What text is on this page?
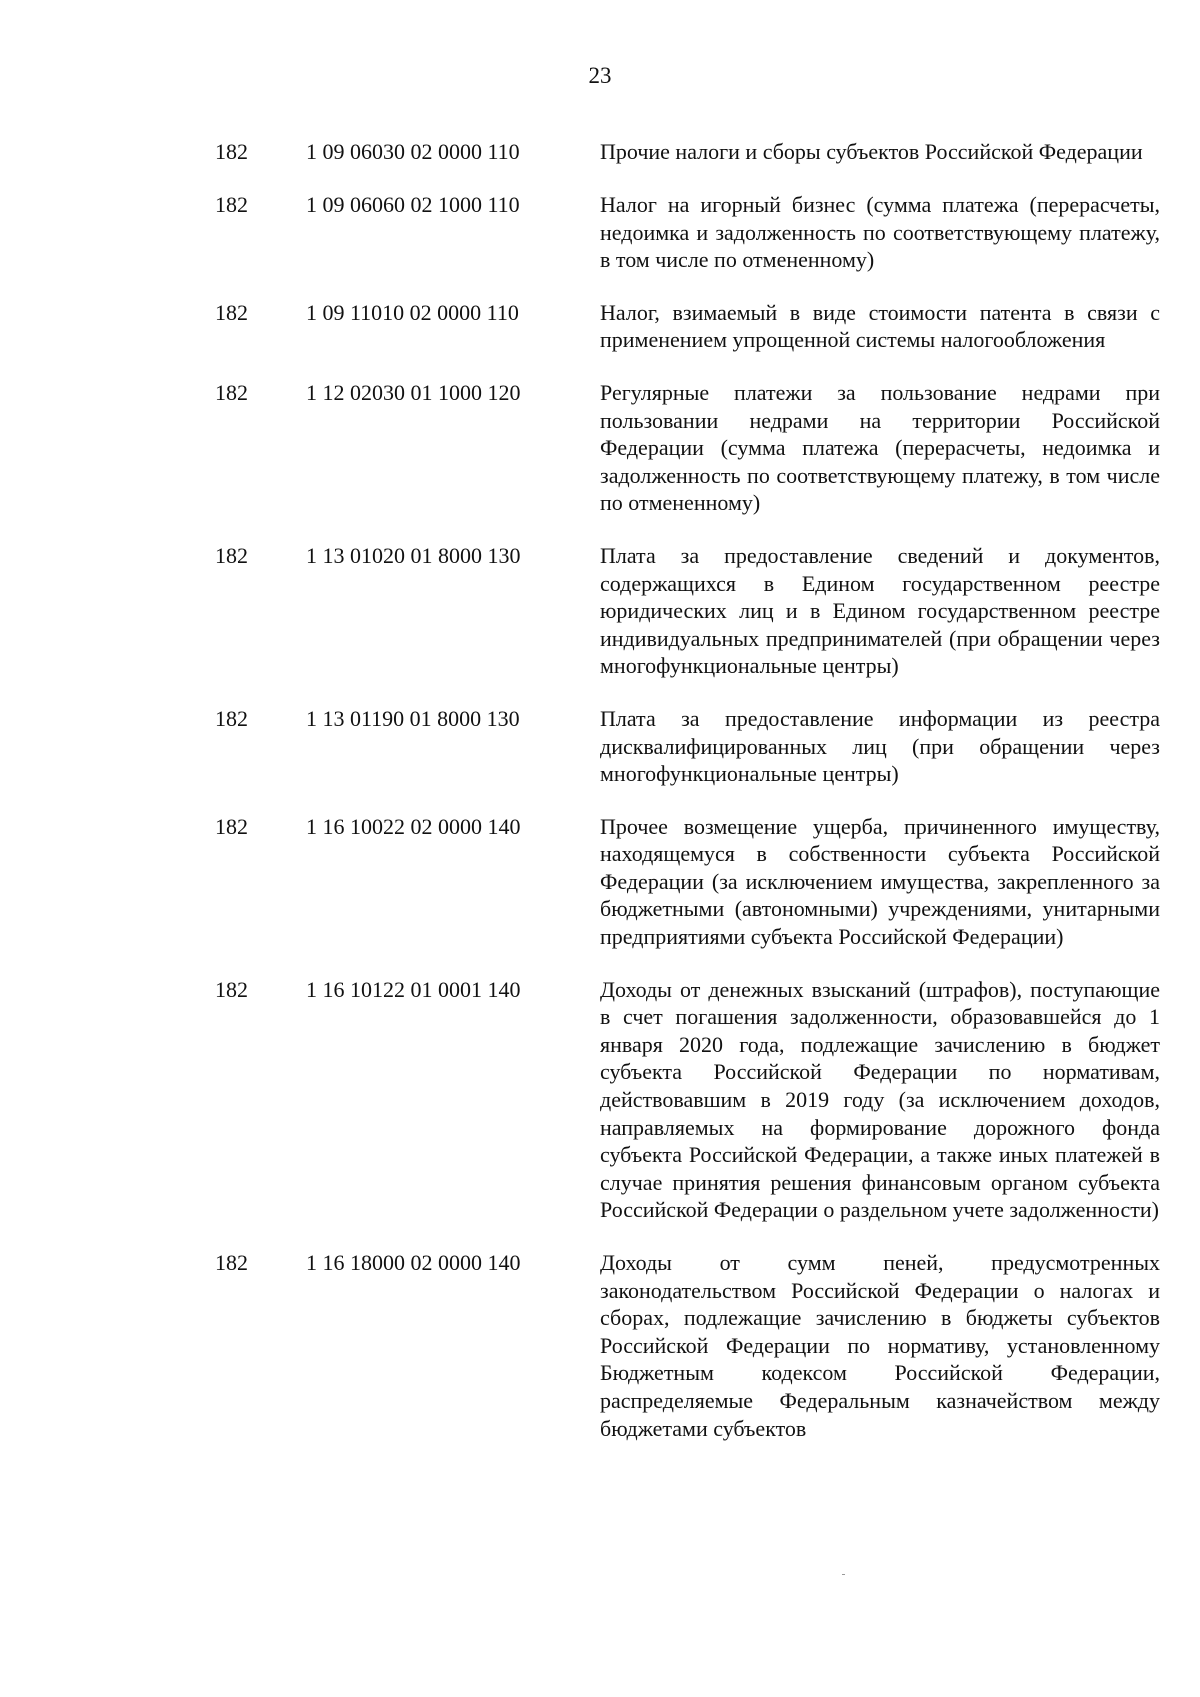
23
182	1 09 06030 02 0000 110	Прочие налоги и сборы субъектов Российской Федерации
182	1 09 06060 02 1000 110	Налог на игорный бизнес (сумма платежа (перерасчеты, недоимка и задолженность по соответствующему платежу, в том числе по отмененному)
182	1 09 11010 02 0000 110	Налог, взимаемый в виде стоимости патента в связи с применением упрощенной системы налогообложения
182	1 12 02030 01 1000 120	Регулярные платежи за пользование недрами при пользовании недрами на территории Российской Федерации (сумма платежа (перерасчеты, недоимка и задолженность по соответствующему платежу, в том числе по отмененному)
182	1 13 01020 01 8000 130	Плата за предоставление сведений и документов, содержащихся в Едином государственном реестре юридических лиц и в Едином государственном реестре индивидуальных предпринимателей (при обращении через многофункциональные центры)
182	1 13 01190 01 8000 130	Плата за предоставление информации из реестра дисквалифицированных лиц (при обращении через многофункциональные центры)
182	1 16 10022 02 0000 140	Прочее возмещение ущерба, причиненного имуществу, находящемуся в собственности субъекта Российской Федерации (за исключением имущества, закрепленного за бюджетными (автономными) учреждениями, унитарными предприятиями субъекта Российской Федерации)
182	1 16 10122 01 0001 140	Доходы от денежных взысканий (штрафов), поступающие в счет погашения задолженности, образовавшейся до 1 января 2020 года, подлежащие зачислению в бюджет субъекта Российской Федерации по нормативам, действовавшим в 2019 году (за исключением доходов, направляемых на формирование дорожного фонда субъекта Российской Федерации, а также иных платежей в случае принятия решения финансовым органом субъекта Российской Федерации о раздельном учете задолженности)
182	1 16 18000 02 0000 140	Доходы от сумм пеней, предусмотренных законодательством Российской Федерации о налогах и сборах, подлежащие зачислению в бюджеты субъектов Российской Федерации по нормативу, установленному Бюджетным кодексом Российской Федерации, распределяемые Федеральным казначейством между бюджетами субъектов
